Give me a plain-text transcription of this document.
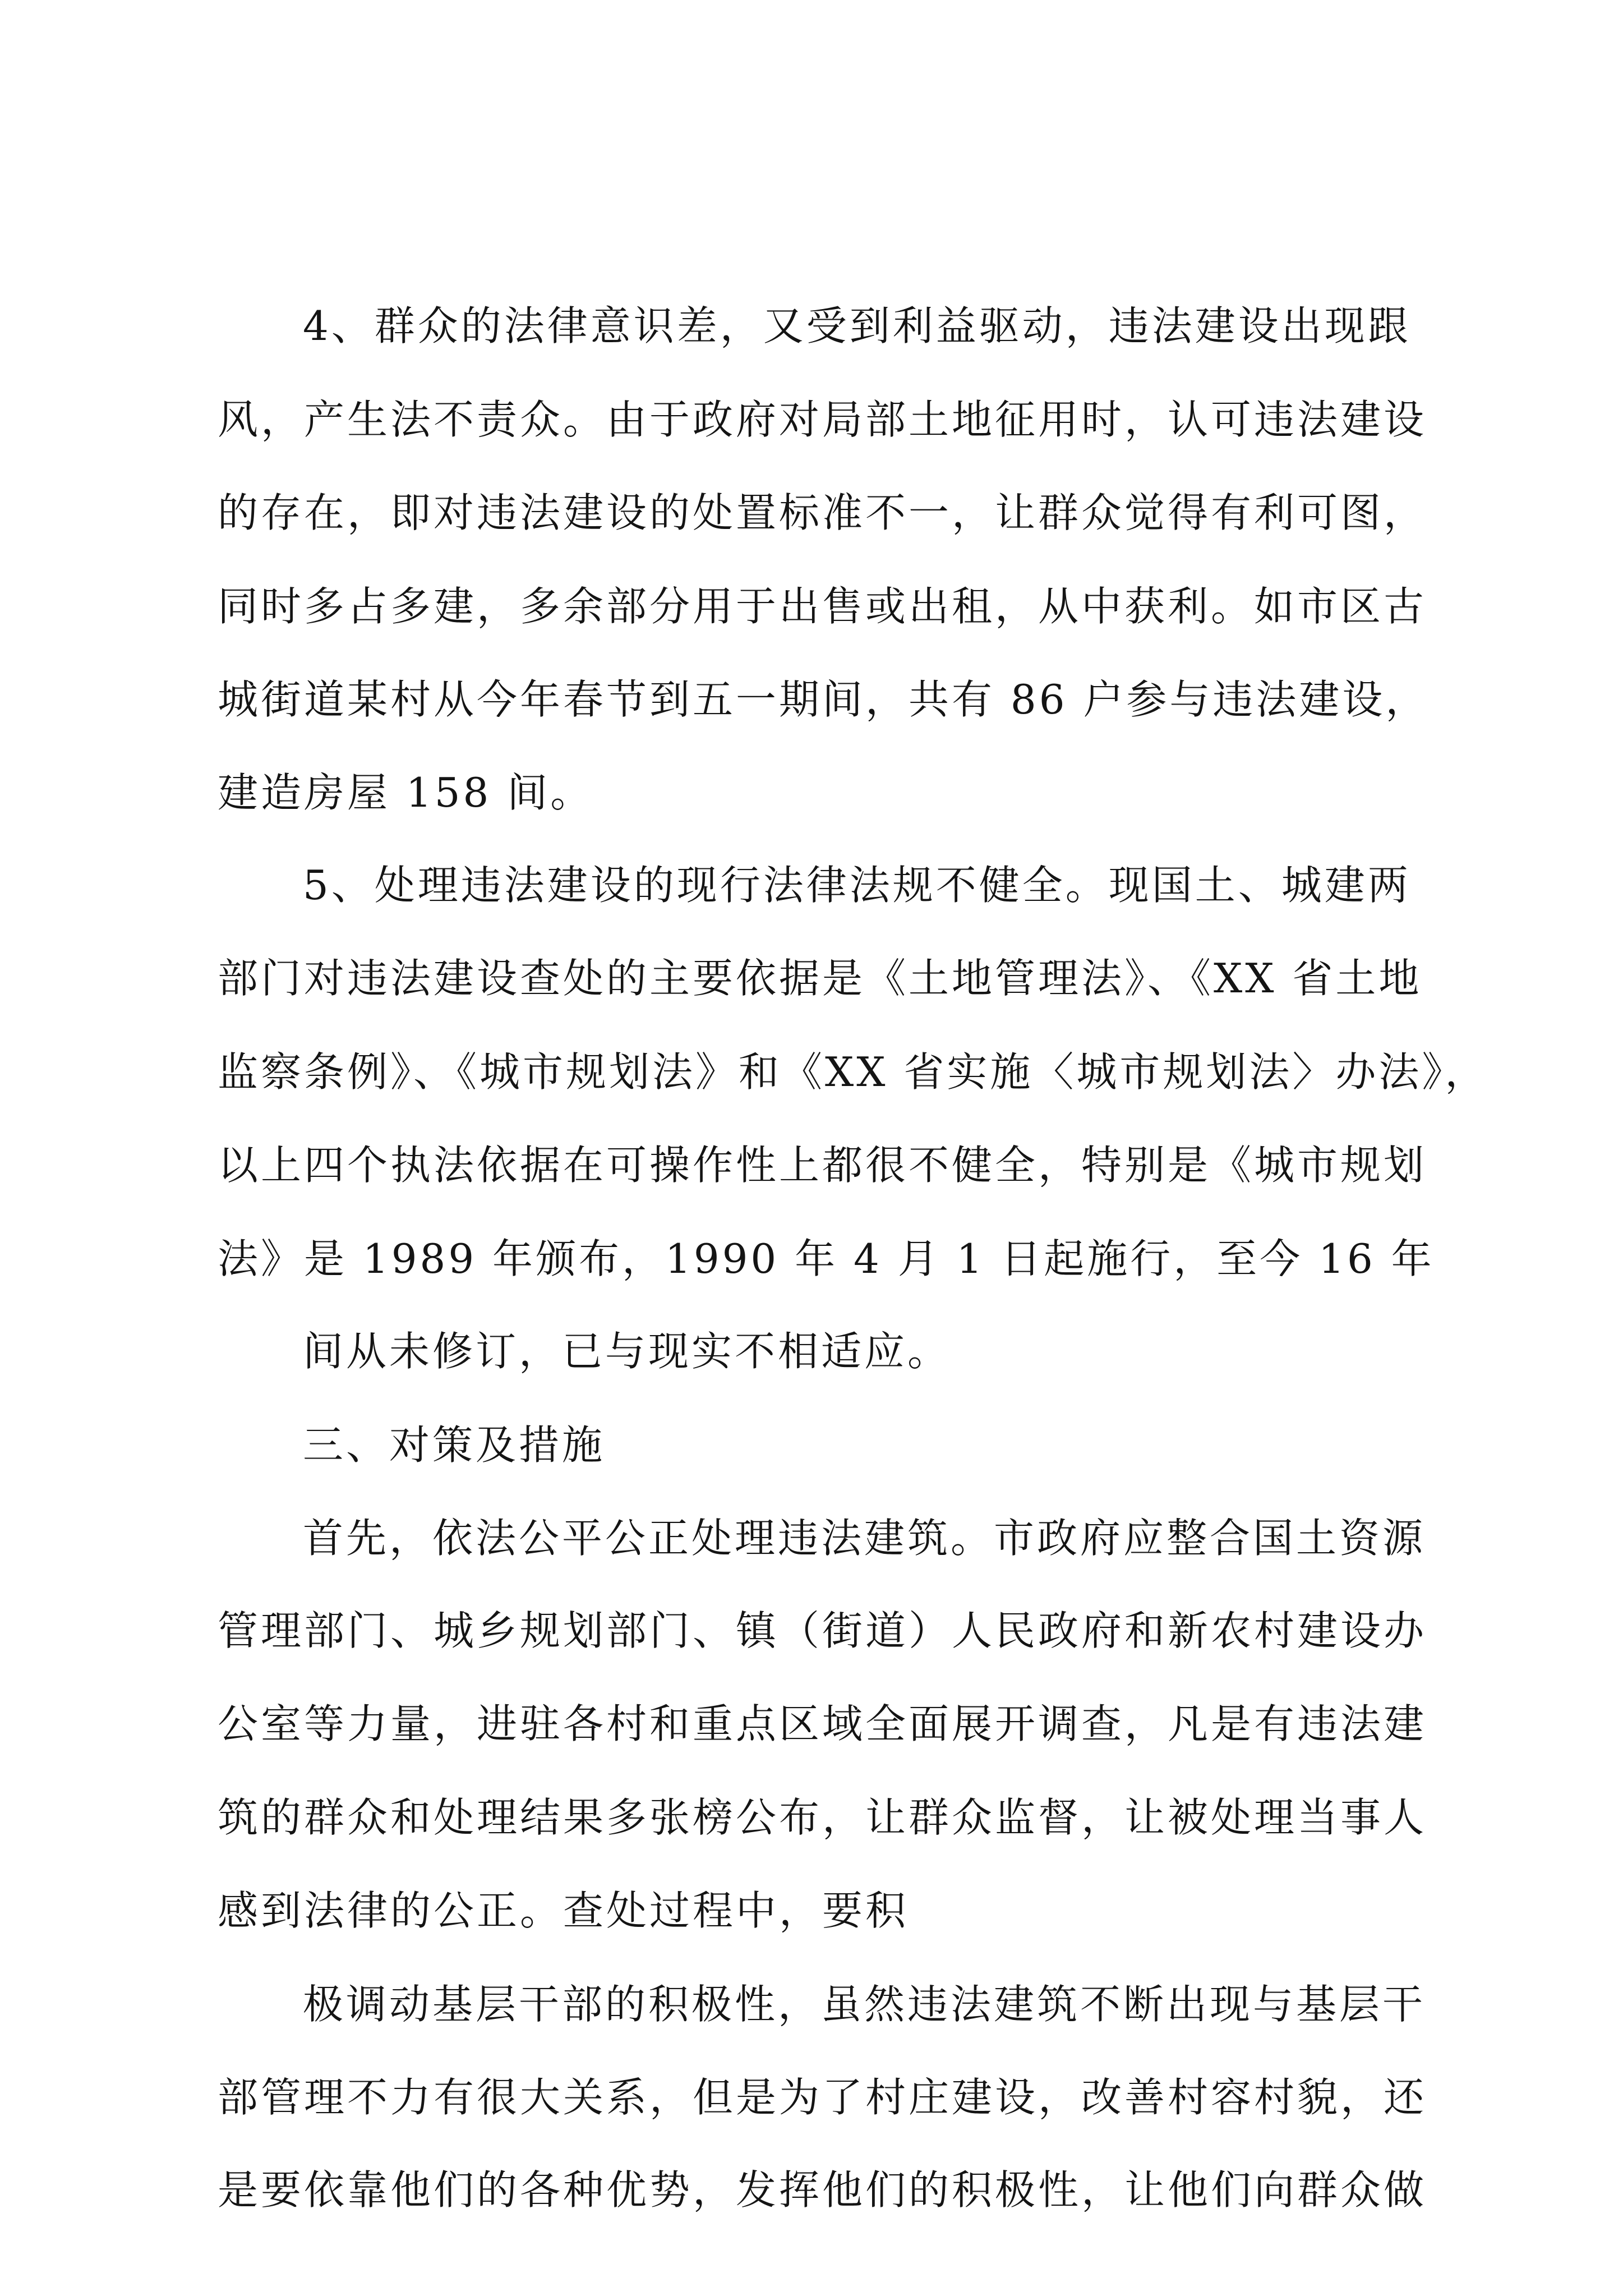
4、群众的法律意识差，又受到利益驱动，违法建设出现跟
风，产生法不责众。由于政府对局部土地征用时，认可违法建设
的存在，即对违法建设的处置标准不一，让群众觉得有利可图，
同时多占多建，多余部分用于出售或出租，从中获利。如市区古
城街道某村从今年春节到五一期间，共有 86 户参与违法建设，
建造房屋 158 间。
5、处理违法建设的现行法律法规不健全。现国土、城建两
部门对违法建设查处的主要依据是《土地管理法》、《XX 省土地
监察条例》、《城市规划法》和《XX 省实施〈城市规划法〉办法》，
以上四个执法依据在可操作性上都很不健全，特别是《城市规划
法》是 1989 年颁布，1990 年 4 月 1 日起施行，至今 16 年
间从未修订，已与现实不相适应。
三、对策及措施
首先，依法公平公正处理违法建筑。市政府应整合国土资源
管理部门、城乡规划部门、镇（街道）人民政府和新农村建设办
公室等力量，进驻各村和重点区域全面展开调查，凡是有违法建
筑的群众和处理结果多张榜公布，让群众监督，让被处理当事人
感到法律的公正。查处过程中，要积
极调动基层干部的积极性，虽然违法建筑不断出现与基层干
部管理不力有很大关系，但是为了村庄建设，改善村容村貌，还
是要依靠他们的各种优势，发挥他们的积极性，让他们向群众做
